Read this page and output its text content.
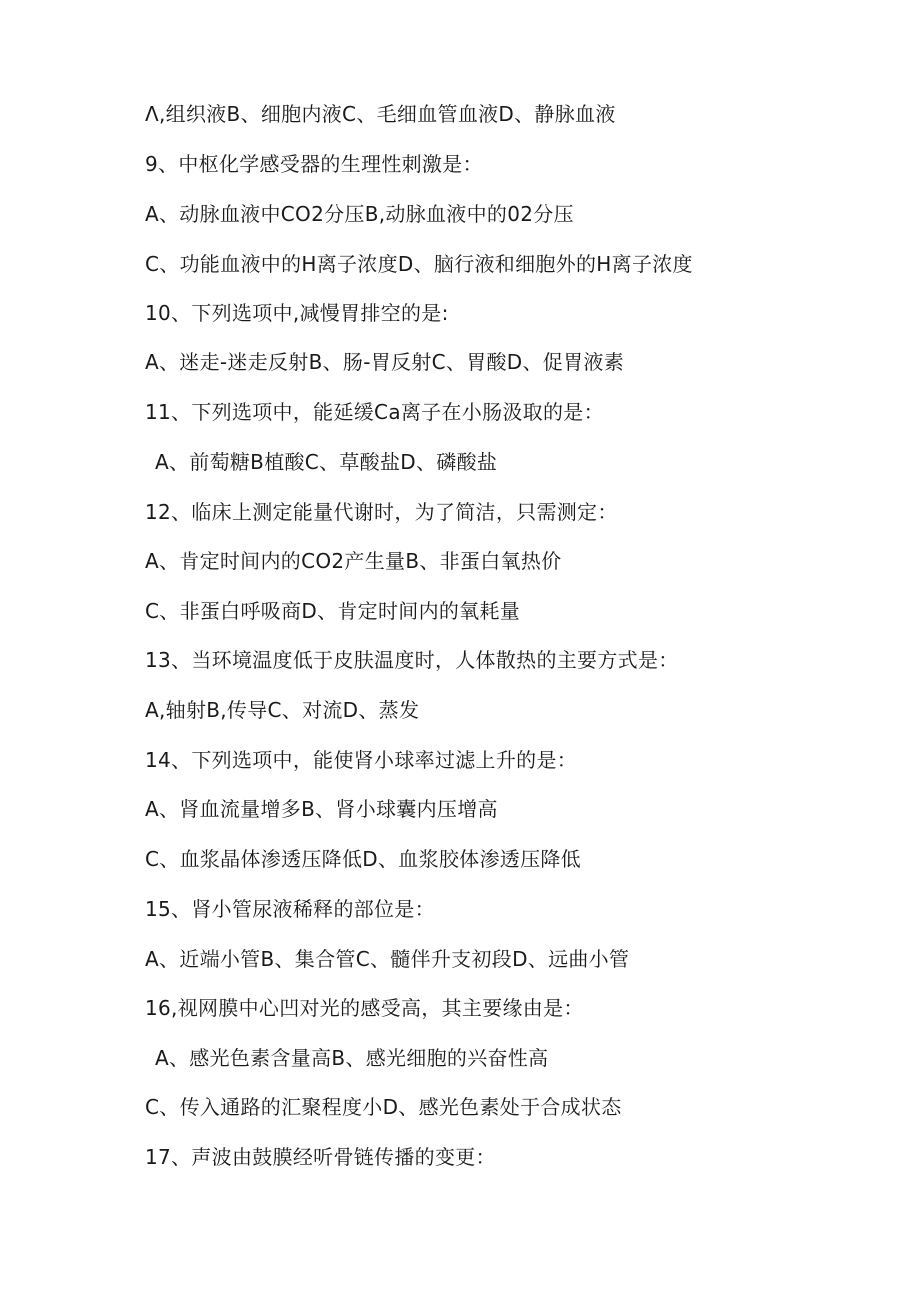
Λ,组织液B、细胞内液C、毛细血管血液D、静脉血液
9、中枢化学感受器的生理性刺激是：
A、动脉血液中CO2分压B,动脉血液中的02分压
C、功能血液中的H离子浓度D、脑行液和细胞外的H离子浓度
10、下列选项中,减慢胃排空的是:
A、迷走-迷走反射B、肠-胃反射C、胃酸D、促胃液素
11、下列选项中，能延缓Ca离子在小肠汲取的是：
A、前萄糖B植酸C、草酸盐D、磷酸盐
12、临床上测定能量代谢时，为了简洁，只需测定：
A、肯定时间内的CO2产生量B、非蛋白氧热价
C、非蛋白呼吸商D、肯定时间内的氧耗量
13、当环境温度低于皮肤温度时，人体散热的主要方式是：
A,轴射B,传导C、对流D、蒸发
14、下列选项中，能使肾小球率过滤上升的是：
A、肾血流量增多B、肾小球囊内压增高
C、血浆晶体渗透压降低D、血浆胶体渗透压降低
15、肾小管尿液稀释的部位是：
A、近端小管B、集合管C、髓伴升支初段D、远曲小管
16,视网膜中心凹对光的感受高，其主要缘由是：
A、感光色素含量高B、感光细胞的兴奋性高
C、传入通路的汇聚程度小D、感光色素处于合成状态
17、声波由鼓膜经听骨链传播的变更：
